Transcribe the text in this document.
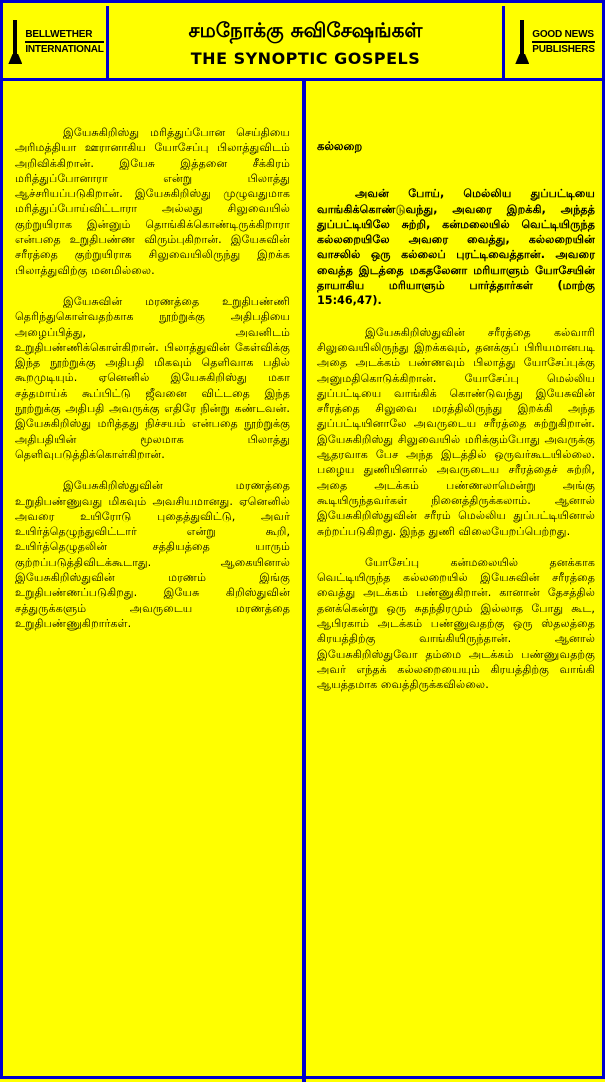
BELLWETHER
INTERNATIONAL
சமநோக்கு சுவிசேஷங்கள்
THE SYNOPTIC GOSPELS
GOOD NEWS
PUBLISHERS

இயேசுகிறிஸ்து மரித்துப்போன செய்தியை அரிமத்தியா ஊரானாகிய யோசேப்பு பிலாத்துவிடம் அறிவிக்கிறான். இயேசு இத்தனை சீக்கிரம் மரித்துப்போனாரா என்று பிலாத்து ஆச்சரியப்படுகிறான். இயேசுகிறிஸ்து முழுவதுமாக மரித்துப்போய்விட்டாரா அல்லது சிலுவையில் குற்றுயிராக இன்னும் தொங்கிக்கொண்டிருக்கிறாரா என்பதை உறுதிபண்ண விரும்புகிறான். இயேசுவின் சரீரத்தை குற்றுயிராக சிலுவையிலிருந்து இறக்க பிலாத்துவிற்கு மனமில்லை.

இயேசுவின் மரணத்தை உறுதிபண்ணி தெரிந்துகொள்வதற்காக நூற்றுக்கு அதிபதியை அழைப்பித்து, அவனிடம் உறுதிபண்ணிக்கொள்கிறான். பிலாத்துவின் கேள்விக்கு இந்த நூற்றுக்கு அதிபதி மிகவும் தெளிவாக பதில் கூறமுடியும். ஏனெனில் இயேசுகிறிஸ்து மகா சத்தமாய்க் கூப்பிட்டு ஜீவனை விட்டதை இந்த நூற்றுக்கு அதிபதி அவருக்கு எதிரே நின்று கண்டவன். இயேசுகிறிஸ்து மரித்தது நிச்சயம் என்பதை நூற்றுக்கு அதிபதியின் மூலமாக பிலாத்து தெளிவுபடுத்திக்கொள்கிறான்.

இயேசுகிறிஸ்துவின் மரணத்தை உறுதிபண்ணுவது மிகவும் அவசியமானது. ஏனெனில் அவரை உயிரோடு புதைத்துவிட்டு, அவர் உயிர்த்தெழுந்துவிட்டார் என்று கூறி, உயிர்த்தெழுதலின் சத்தியத்தை யாரும் குற்றப்படுத்திவிடக்கூடாது. ஆகையினால் இயேசுகிறிஸ்துவின் மரணம் இங்கு உறுதிபண்ணப்படுகிறது. இயேசு கிறிஸ்துவின் சத்துருக்களும் அவருடைய மரணத்தை உறுதிபண்ணுகிறார்கள்.

கல்லறை

அவன் போய், மெல்லிய துப்பட்டியை வாங்கிக்கொண்டுவந்து, அவரை இறக்கி, அந்தத் துப்பட்டியிலே சுற்றி, கன்மலையில் வெட்டியிருந்த கல்லறையிலே அவரை வைத்து, கல்லறையின் வாசலில் ஒரு கல்லைப் புரட்டிவைத்தான். அவரை வைத்த இடத்தை மகதலேனா மரியாளும் யோசேயின் தாயாகிய மரியாளும் பார்த்தார்கள் (மாற்கு 15:46,47).

இயேசுகிறிஸ்துவின் சரீரத்தை கல்வாரி சிலுவையிலிருந்து இறக்கவும், தனக்குப் பிரியமானபடி அதை அடக்கம் பண்ணவும் பிலாத்து யோசேப்புக்கு அனுமதிகொடுக்கிறான். யோசேப்பு மெல்லிய துப்பட்டியை வாங்கிக் கொண்டுவந்து இயேசுவின் சரீரத்தை சிலுவை மரத்திலிருந்து இறக்கி அந்த துப்பட்டியினாலே அவருடைய சரீரத்தை சுற்றுகிறான். இயேசுகிறிஸ்து சிலுவையில் மரிக்கும்போது அவருக்கு ஆதரவாக பேச அந்த இடத்தில் ஒருவர்கூடயில்லை. பழைய துணியினால் அவருடைய சரீரத்தைச் சுற்றி, அதை அடக்கம் பண்ணலாமென்று அங்கு கூடியிருந்தவர்கள் நினைத்திருக்கலாம். ஆனால் இயேசுகிறிஸ்துவின் சரீரம் மெல்லிய துப்பட்டியினால் சுற்றப்படுகிறது. இந்த துணி விலையேறப்பெற்றது.

யோசேப்பு கன்மலையில் தனக்காக வெட்டியிருந்த கல்லறையில் இயேசுவின் சரீரத்தை வைத்து அடக்கம் பண்ணுகிறான். கானான் தேசத்தில் தனக்கென்று ஒரு சுதந்திரமும் இல்லாத போது கூட, ஆபிரகாம் அடக்கம் பண்ணுவதற்கு ஒரு ஸ்தலத்தை கிரயத்திற்கு வாங்கியிருந்தான். ஆனால் இயேசுகிறிஸ்துவோ தம்மை அடக்கம் பண்ணுவதற்கு அவர் எந்தக் கல்லறையையும் கிரயத்திற்கு வாங்கி ஆயத்தமாக வைத்திருக்கவில்லை.
